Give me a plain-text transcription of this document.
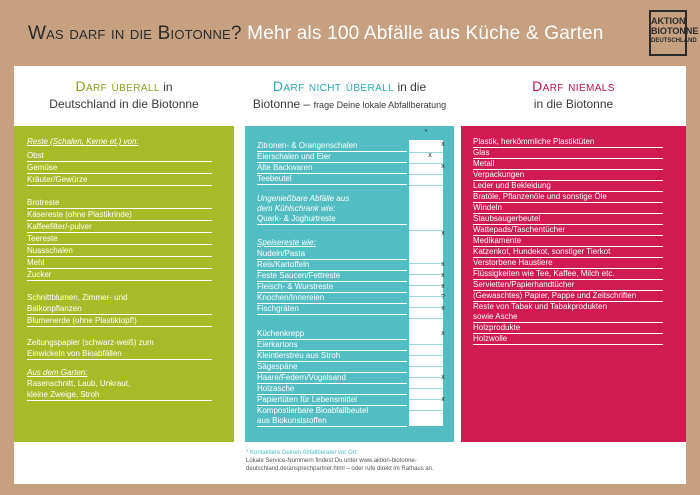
Was darf in die Biotonne? Mehr als 100 Abfälle aus Küche & Garten
AKTION
BIOTONNE
DEUTSCHLAND
Darf überall in
Deutschland in die Biotonne
Darf nicht überall in die
Biotonne – frage Deine lokale Abfallberatung
Darf niemals
in die Biotonne
Reste (Schalen, Kerne et.) von:
Obst
Gemüse
Kräuter/Gewürze
Brotreste
Käsereste (ohne Plastikrinde)
Kaffeefilter/-pulver
Teereste
Nussschalen
Mehl
Zucker
Schnittblumen, Zimmer- und
Balkonpflanzen
Blumenerde (ohne Plastiktopf!)
Zeitungspapier (schwarz-weiß) zum
Einwickeln von Bioabfällen
Aus dem Garten:
Rasenschnitt, Laub, Unkraut,
kleine Zweige, Stroh
*
Zitronen- & Orangenschalen
Eierschalen und Eier
Alte Backwaren
Teebeutel
Ungenießbare Abfälle aus
dem Kühlschrank wie:
Quark- & Joghurtreste
Speisereste wie:
Nudeln/Pasta
Reis/Kartoffeln
Feste Saucen/Fettreste
Fleisch- & Wurstreste
Knochen/Innereien
Fischgräten
Küchenkrepp
Eierkartons
Kleintierstreu aus Stroh
Sägespäne
Haare/Federn/Vogelsand
Holzasche
Papiertüten für Lebensmittel
Kompostierbare Bioabfallbeutel
aus Biokunststoffen
x
x
x
x
x
x
x
?
x
x
x
x
Plastik, herkömmliche Plastiktüten
Glas
Metall
Verpackungen
Leder und Bekleidung
Bratöle, Pflanzenöle und sonstige Öle
Windeln
Staubsaugerbeutel
Wattepads/Taschentücher
Medikamente
Katzenkot, Hundekot, sonstiger Tierkot
Verstorbene Haustiere
Flüssigkeiten wie Tee, Kaffee, Milch etc.
Servietten/Papierhandtücher
(Gewaschtes) Papier, Pappe und Zeitschriften
Reste von Tabak und Tabakprodukten
sowie Asche
Holzprodukte
Holzwolle
* Kontaktiere Deinen Abfallberater vor Ort:
Lokale Service-Nummern findest Du unter www.aktion-biotonne-
deutschland.de/ansprechpartner.html – oder rufe direkt im Rathaus an.
